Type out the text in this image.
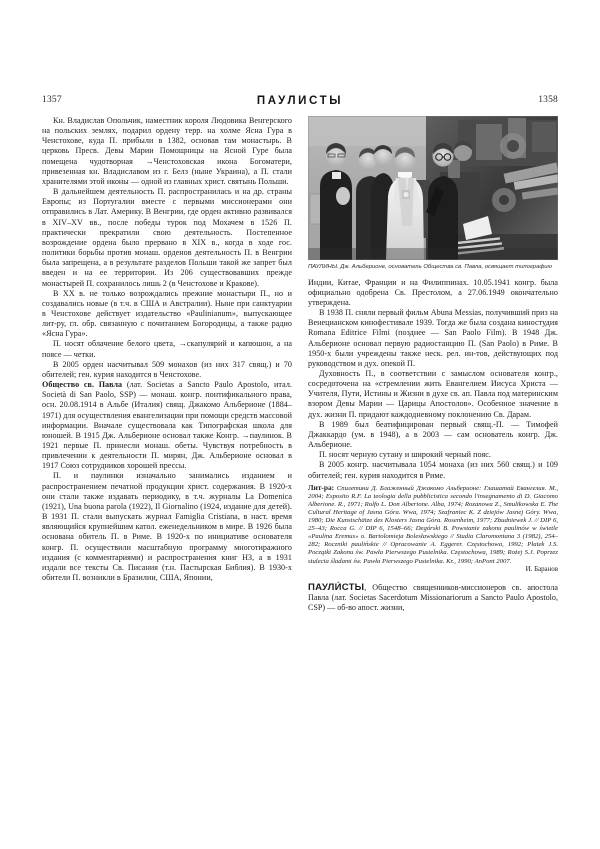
1357	ПАУЛИСТЫ	1358

Кн. Владислав Опольчик, наместник короля Людовика Венгерского на польских землях, подарил ордену терр. на холме Ясна Гура в Ченстохове, куда П. прибыли в 1382, основав там монастырь. В церковь Пресв. Девы Марии Помощницы на Ясной Гуре была помещена чудотворная →Ченстоховская икона Богоматери, привезенная кн. Владиславом из г. Белз (ныне Украина), а П. стали хранителями этой иконы — одной из главных христ. святынь Польши.

В дальнейшем деятельность П. распространилась и на др. страны Европы; из Португалии вместе с первыми миссионерами они отправились в Лат. Америку. В Венгрии, где орден активно развивался в XIV–XV вв., после победы турок под Мохачем в 1526 П. практически прекратили свою деятельность. Постепенное возрождение ордена было прервано в XIX в., когда в ходе гос. политики борьбы против монаш. орденов деятельность П. в Венгрии была запрещена, а в результате разделов Польши такой же запрет был введен и на ее территории. Из 206 существовавших прежде монастырей П. сохранилось лишь 2 (в Ченстохове и Кракове).

В XX в. не только возрождались прежние монастыри П., но и создавались новые (в т.ч. в США и Австралии). Ныне при санктуарии в Ченстохове действует издательство «Paulinianum», выпускающее лит-ру, гл. обр. связанную с почитанием Богородицы, а также радио «Ясна Гура».

П. носят облачение белого цвета, →скапулярий и капюшон, а на поясе — четки.

В 2005 орден насчитывал 509 монахов (из них 317 свящ.) и 70 обителей; ген. курия находится в Ченстохове.

Общество св. Павла (лат. Societas a Sancto Paulo Apostolo, итал. Società di San Paolo, SSP) — монаш. конгр. понтификального права, осн. 20.08.1914 в Альбе (Италия) свящ. Джакомо Альберионе (1884–1971) для осуществления евангелизации при помощи средств массовой информации. Вначале существовала как Типографская школа для юношей. В 1915 Дж. Альберионе основал также Конгр. →паулинок. В 1921 первые П. принесли монаш. обеты. Чувствуя потребность в привлечении к деятельности П. мирян, Дж. Альберионе основал в 1917 Союз сотрудников хорошей прессы.

П. и паулинки изначально занимались изданием и распространением печатной продукции христ. содержания. В 1920-х они стали также издавать периодику, в т.ч. журналы La Domenica (1921), Una buona parola (1922), Il Giornalino (1924, издание для детей). В 1931 П. стали выпускать журнал Famiglia Cristiana, в наст. время являющийся крупнейшим катол. еженедельником в мире. В 1926 была основана обитель П. в Риме. В 1920-х по инициативе основателя конгр. П. осуществили масштабную программу многотиражного издания (с комментариями) и распространения книг НЗ, а в 1931 издали все тексты Св. Писания (т.н. Пастырская Библия). В 1930-х обители П. возникли в Бразилии, США, Японии,

ПАУЛИНЫ. Дж. Альберионе, основатель Общества св. Павла, освящает типографию

Индии, Китае, Франции и на Филиппинах. 10.05.1941 конгр. была официально одобрена Св. Престолом, а 27.06.1949 окончательно утверждена.

В 1938 П. сняли первый фильм Abuna Messias, получивший приз на Венецианском кинофестивале 1939. Тогда же была создана киностудия Romana Editrice Filmi (позднее — San Paolo Film). В 1948 Дж. Альберионе основал первую радиостанцию П. (San Paolo) в Риме. В 1950-х были учреждены также неск. рел. ин-тов, действующих под руководством и дух. опекой П.

Духовность П., в соответствии с замыслом основателя конгр., сосредоточена на «стремлении жить Евангелием Иисуса Христа — Учителя, Пути, Истины и Жизни в духе св. ап. Павла под материнским взором Девы Марии — Царицы Апостолов». Особенное значение в дух. жизни П. придают каждодневному поклонению Св. Дарам.

В 1989 был беатифицирован первый свящ.-П. — Тимофей Джаккардо (ум. в 1948), а в 2003 — сам основатель конгр. Дж. Альберионе.

П. носят черную сутану и широкий черный пояс.

В 2005 конгр. насчитывала 1054 монаха (из них 560 свящ.) и 109 обителей; ген. курия находится в Риме.

Лит-ра: Спилетини Д. Блаженный Джакомо Альберионе: Глашатай Евангелия. М., 2004; Esposito R.F. La teologia della pubblicistica secondo l'insegnamento di D. Giacomo Alberione. R., 1971; Rolfo L. Don Alberione. Alba, 1974; Rozanowa Z., Smulikowska E. The Cultural Heritage of Jasna Góra. Wwa, 1974; Szafraniec K. Z dziejów Jasnej Góry. Wwa, 1980; Die Kunstschätze des Klosters Jasna Góra. Rosenheim, 1977; Zbudniewek J. // DIP 6, 25–43; Rocca G. // DIP 6, 1548–66; Degórski B. Powstanie zakonu paulinów w świetle «Paulina Eremus» o. Bartolomieja Bolesławskiego // Studia Claromontana 3 (1982), 254–282; Roczniki paulińskie // Opracowanie A. Eggerer. Częstochowa, 1992; Płatek J.S. Początki Zakonu św. Pawła Pierwszego Pustelnika. Częstochowa, 1989; Rożej S.J. Poprzez stulecia śladami św. Pawła Pierwszego Pustelnika. Kr., 1990; AnPont 2007.

И. Баранов

ПАУЛИ́СТЫ, Общество священников-миссионеров св. апостола Павла (лат. Societas Sacerdotum Missionariorum a Sancto Paulo Apostolo, CSP) — об-во апост. жизни,
